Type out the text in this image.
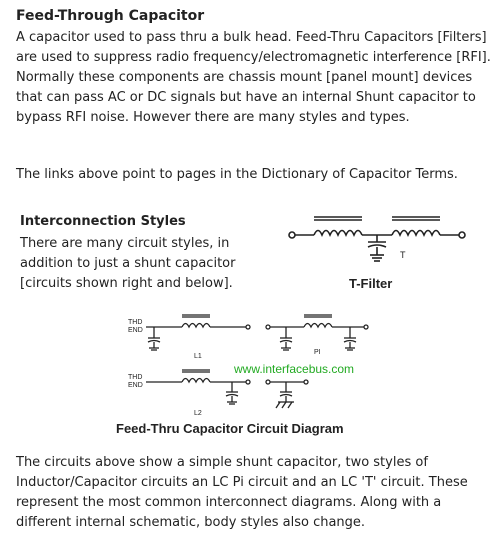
Feed-Through Capacitor

A capacitor used to pass thru a bulk head. Feed-Thru Capacitors [Filters] are used to suppress radio frequency/electromagnetic interference [RFI]. Normally these components are chassis mount [panel mount] devices that can pass AC or DC signals but have an internal Shunt capacitor to bypass RFI noise. However there are many styles and types.

The links above point to pages in the Dictionary of Capacitor Terms.

Interconnection Styles

There are many circuit styles, in addition to just a shunt capacitor [circuits shown right and below].

T
T-Filter
THD
END
THD
END
L1
L2
PI
www.interfacebus.com
Feed-Thru Capacitor Circuit Diagram

The circuits above show a simple shunt capacitor, two styles of Inductor/Capacitor circuits an LC Pi circuit and an LC 'T' circuit. These represent the most common interconnect diagrams. Along with a different internal schematic, body styles also change.
